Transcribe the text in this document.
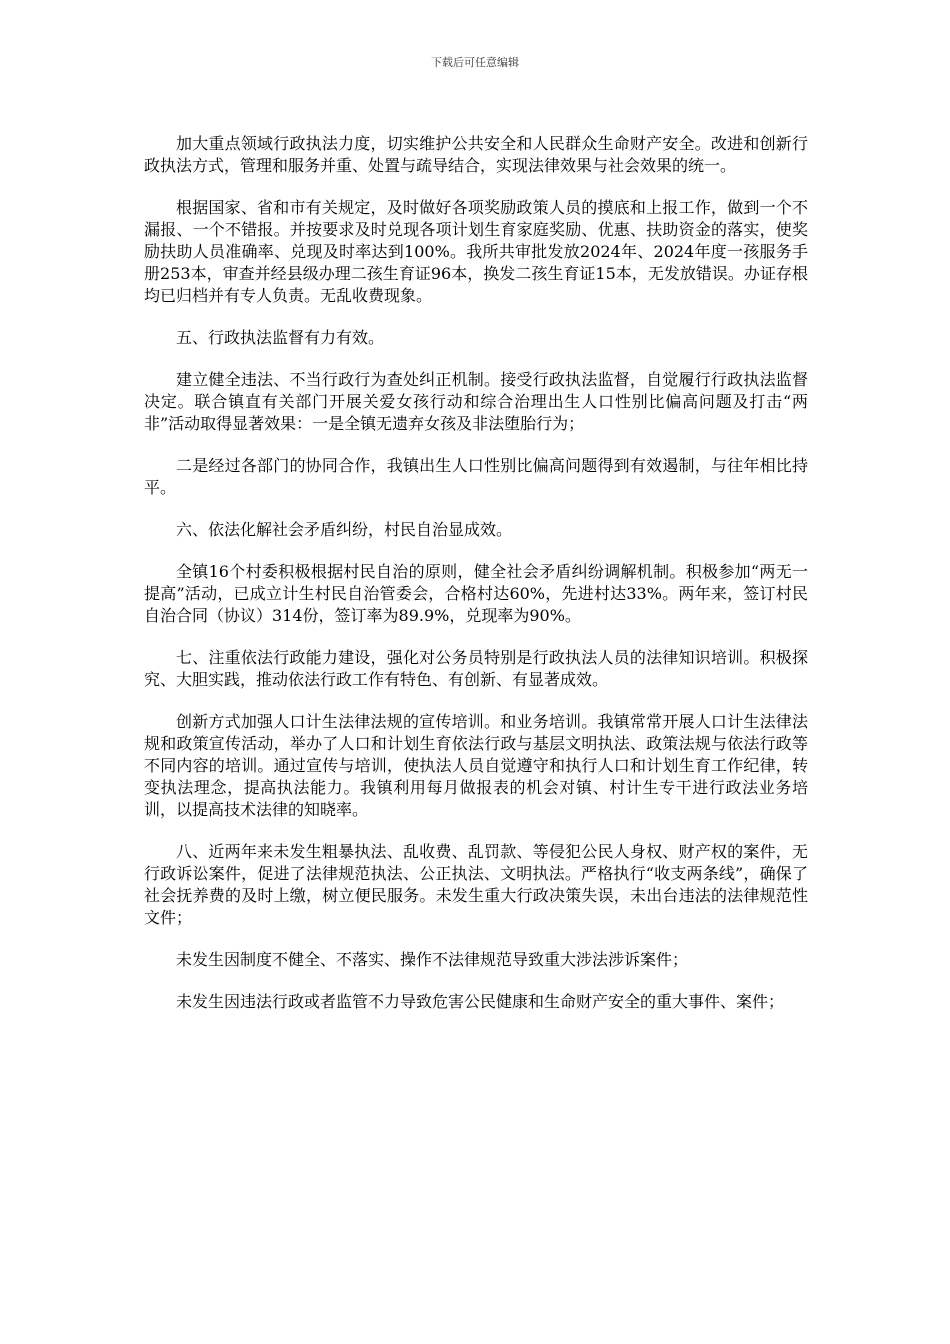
下载后可任意编辑

加大重点领域行政执法力度，切实维护公共安全和人民群众生命财产安全。改进和创新行政执法方式，管理和服务并重、处置与疏导结合，实现法律效果与社会效果的统一。

根据国家、省和市有关规定，及时做好各项奖励政策人员的摸底和上报工作，做到一个不漏报、一个不错报。并按要求及时兑现各项计划生育家庭奖励、优惠、扶助资金的落实，使奖励扶助人员准确率、兑现及时率达到100%。我所共审批发放2024年、2024年度一孩服务手册253本，审查并经县级办理二孩生育证96本，换发二孩生育证15本，无发放错误。办证存根均已归档并有专人负责。无乱收费现象。

五、行政执法监督有力有效。

建立健全违法、不当行政行为查处纠正机制。接受行政执法监督，自觉履行行政执法监督决定。联合镇直有关部门开展关爱女孩行动和综合治理出生人口性别比偏高问题及打击“两非”活动取得显著效果：一是全镇无遗弃女孩及非法堕胎行为；

二是经过各部门的协同合作，我镇出生人口性别比偏高问题得到有效遏制，与往年相比持平。

六、依法化解社会矛盾纠纷，村民自治显成效。

全镇16个村委积极根据村民自治的原则，健全社会矛盾纠纷调解机制。积极参加“两无一提高”活动，已成立计生村民自治管委会，合格村达60%，先进村达33%。两年来，签订村民自治合同（协议）314份，签订率为89.9%，兑现率为90%。

七、注重依法行政能力建设，强化对公务员特别是行政执法人员的法律知识培训。积极探究、大胆实践，推动依法行政工作有特色、有创新、有显著成效。

创新方式加强人口计生法律法规的宣传培训。和业务培训。我镇常常开展人口计生法律法规和政策宣传活动，举办了人口和计划生育依法行政与基层文明执法、政策法规与依法行政等不同内容的培训。通过宣传与培训，使执法人员自觉遵守和执行人口和计划生育工作纪律，转变执法理念，提高执法能力。我镇利用每月做报表的机会对镇、村计生专干进行政法业务培训，以提高技术法律的知晓率。

八、近两年来未发生粗暴执法、乱收费、乱罚款、等侵犯公民人身权、财产权的案件，无行政诉讼案件，促进了法律规范执法、公正执法、文明执法。严格执行“收支两条线”，确保了社会抚养费的及时上缴，树立便民服务。未发生重大行政决策失误，未出台违法的法律规范性文件；

未发生因制度不健全、不落实、操作不法律规范导致重大涉法涉诉案件；

未发生因违法行政或者监管不力导致危害公民健康和生命财产安全的重大事件、案件；
